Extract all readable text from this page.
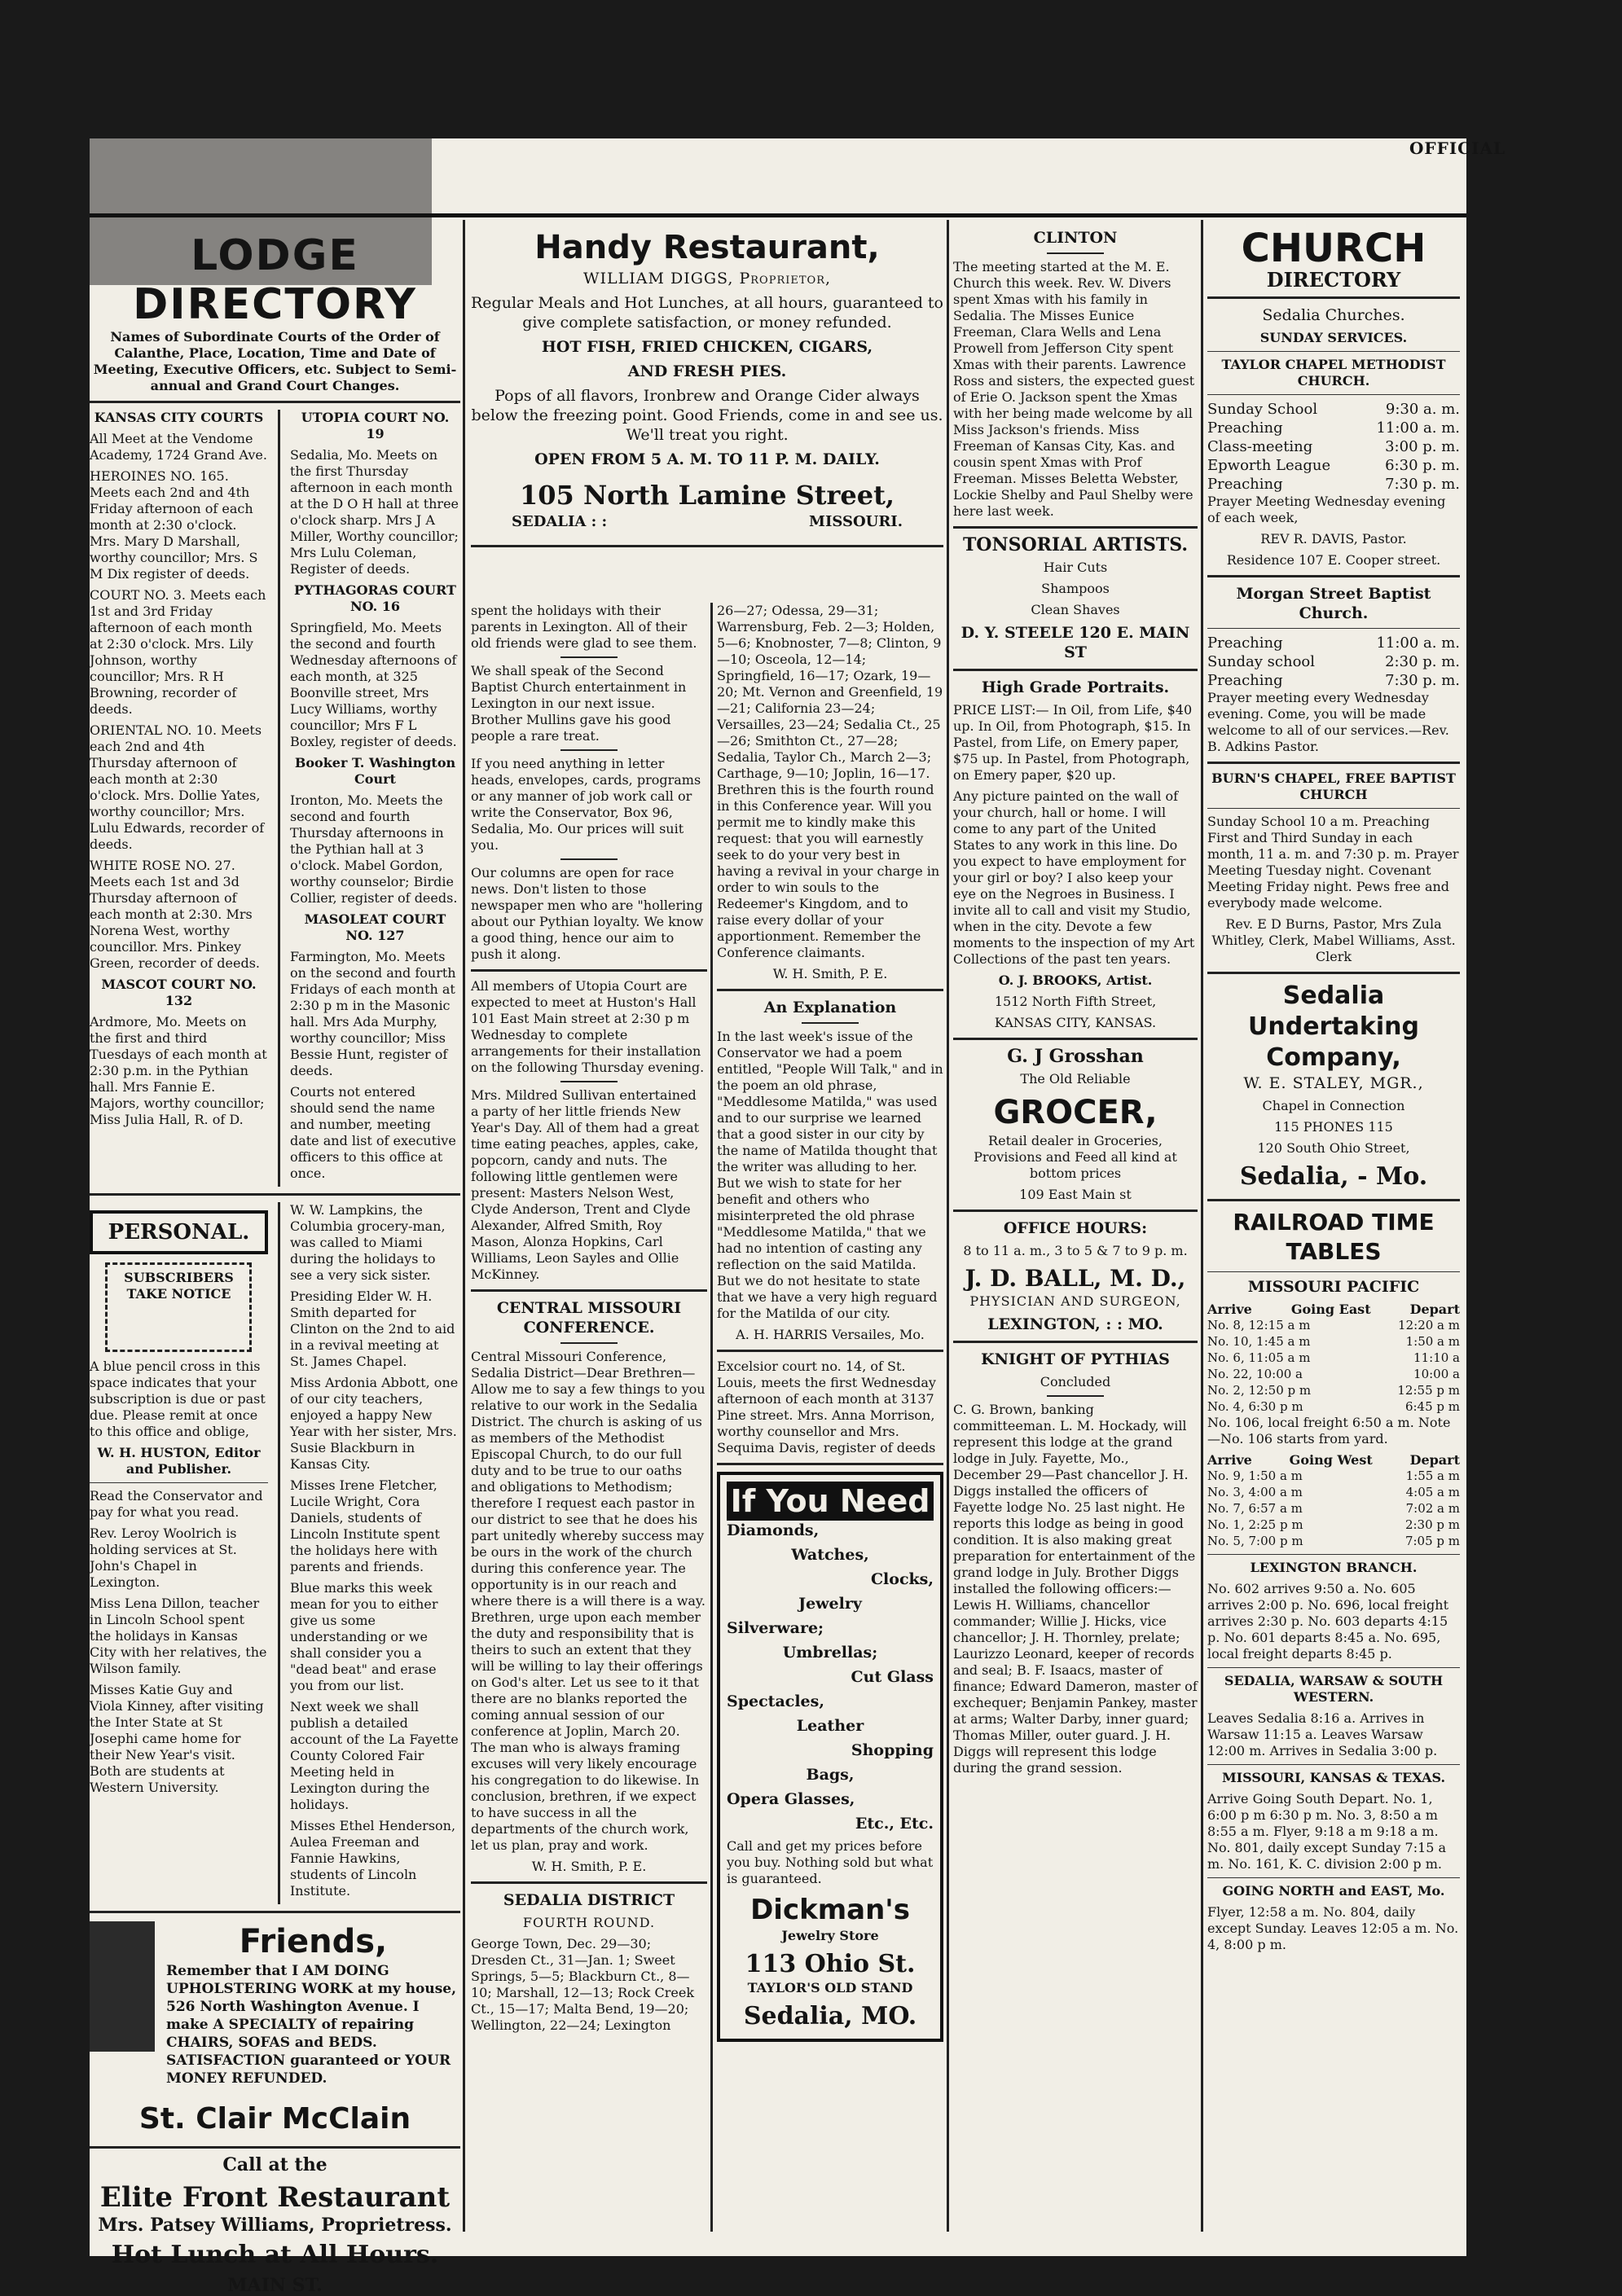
OFFICIAL
LODGE DIRECTORY

Names of Subordinate Courts of the Order of Calanthe, Place, Location, Time and Date of Meeting, Executive Officers, etc. Subject to Semi-annual and Grand Court Changes.

KANSAS CITY COURTS

All Meet at the Vendome Academy, 1724 Grand Ave.

HEROINES NO. 165. Meets each 2nd and 4th Friday afternoon of each month at 2:30 o'clock. Mrs. Mary D Marshall, worthy councillor; Mrs. S M Dix register of deeds.

COURT NO. 3. Meets each 1st and 3rd Friday afternoon of each month at 2:30 o'clock. Mrs. Lily Johnson, worthy councillor; Mrs. R H Browning, recorder of deeds.

ORIENTAL NO. 10. Meets each 2nd and 4th Thursday afternoon of each month at 2:30 o'clock. Mrs. Dollie Yates, worthy councillor; Mrs. Lulu Edwards, recorder of deeds.

WHITE ROSE NO. 27. Meets each 1st and 3d Thursday afternoon of each month at 2:30. Mrs Norena West, worthy councillor. Mrs. Pinkey Green, recorder of deeds.

MASCOT COURT NO. 132

Ardmore, Mo. Meets on the first and third Tuesdays of each month at 2:30 p.m. in the Pythian hall. Mrs Fannie E. Majors, worthy councillor; Miss Julia Hall, R. of D.

UTOPIA COURT NO. 19

Sedalia, Mo. Meets on the first Thursday afternoon in each month at the D O H hall at three o'clock sharp. Mrs J A Miller, Worthy councillor; Mrs Lulu Coleman, Register of deeds.

PYTHAGORAS COURT NO. 16

Springfield, Mo. Meets the second and fourth Wednesday afternoons of each month, at 325 Boonville street, Mrs Lucy Williams, worthy councillor; Mrs F L Boxley, register of deeds.

Booker T. Washington Court

Ironton, Mo. Meets the second and fourth Thursday afternoons in the Pythian hall at 3 o'clock. Mabel Gordon, worthy counselor; Birdie Collier, register of deeds.

MASOLEAT COURT NO. 127

Farmington, Mo. Meets on the second and fourth Fridays of each month at 2:30 p m in the Masonic hall. Mrs Ada Murphy, worthy councillor; Miss Bessie Hunt, register of deeds.

Courts not entered should send the name and number, meeting date and list of executive officers to this office at once.

PERSONAL.

SUBSCRIBERS TAKE NOTICE

A blue pencil cross in this space indicates that your subscription is due or past due. Please remit at once to this office and oblige,

W. H. HUSTON, Editor and Publisher.

Read the Conservator and pay for what you read.

Rev. Leroy Woolrich is holding services at St. John's Chapel in Lexington.

Miss Lena Dillon, teacher in Lincoln School spent the holidays in Kansas City with her relatives, the Wilson family.

Misses Katie Guy and Viola Kinney, after visiting the Inter State at St Josephi came home for their New Year's visit. Both are students at Western University.

W. W. Lampkins, the Columbia grocery-man, was called to Miami during the holidays to see a very sick sister.

Presiding Elder W. H. Smith departed for Clinton on the 2nd to aid in a revival meeting at St. James Chapel.

Miss Ardonia Abbott, one of our city teachers, enjoyed a happy New Year with her sister, Mrs. Susie Blackburn in Kansas City.

Misses Irene Fletcher, Lucile Wright, Cora Daniels, students of Lincoln Institute spent the holidays here with parents and friends.

Blue marks this week mean for you to either give us some understanding or we shall consider you a "dead beat" and erase you from our list.

Next week we shall publish a detailed account of the La Fayette County Colored Fair Meeting held in Lexington during the holidays.

Misses Ethel Henderson, Aulea Freeman and Fannie Hawkins, students of Lincoln Institute.

Friends,

Remember that I AM DOING UPHOLSTERING WORK at my house, 526 North Washington Avenue. I make A SPECIALTY of repairing CHAIRS, SOFAS and BEDS. SATISFACTION guaranteed or YOUR MONEY REFUNDED.

St. Clair McClain

Call at the

Elite Front Restaurant

Mrs. Patsey Williams, Proprietress.

Hot Lunch at All Hours.

MAIN ST.

Handy Restaurant,

WILLIAM DIGGS, Proprietor,

Regular Meals and Hot Lunches, at all hours, guaranteed to give complete satisfaction, or money refunded.

HOT FISH, FRIED CHICKEN, CIGARS,

AND FRESH PIES.

Pops of all flavors, Ironbrew and Orange Cider always below the freezing point. Good Friends, come in and see us. We'll treat you right.

OPEN FROM 5 A. M. TO 11 P. M. DAILY.

105 North Lamine Street,
SEDALIA : :	MISSOURI.

spent the holidays with their parents in Lexington. All of their old friends were glad to see them.

We shall speak of the Second Baptist Church entertainment in Lexington in our next issue. Brother Mullins gave his good people a rare treat.

If you need anything in letter heads, envelopes, cards, programs or any manner of job work call or write the Conservator, Box 96, Sedalia, Mo. Our prices will suit you.

Our columns are open for race news. Don't listen to those newspaper men who are "hollering about our Pythian loyalty. We know a good thing, hence our aim to push it along.

All members of Utopia Court are expected to meet at Huston's Hall 101 East Main street at 2:30 p m Wednesday to complete arrangements for their installation on the following Thursday evening.

Mrs. Mildred Sullivan entertained a party of her little friends New Year's Day. All of them had a great time eating peaches, apples, cake, popcorn, candy and nuts. The following little gentlemen were present: Masters Nelson West, Clyde Anderson, Trent and Clyde Alexander, Alfred Smith, Roy Mason, Alonza Hopkins, Carl Williams, Leon Sayles and Ollie McKinney.

CENTRAL MISSOURI CONFERENCE.

Central Missouri Conference, Sedalia District—Dear Brethren—Allow me to say a few things to you relative to our work in the Sedalia District. The church is asking of us as members of the Methodist Episcopal Church, to do our full duty and to be true to our oaths and obligations to Methodism; therefore I request each pastor in our district to see that he does his part unitedly whereby success may be ours in the work of the church during this conference year. The opportunity is in our reach and where there is a will there is a way. Brethren, urge upon each member the duty and responsibility that is theirs to such an extent that they will be willing to lay their offerings on God's alter. Let us see to it that there are no blanks reported the coming annual session of our conference at Joplin, March 20. The man who is always framing excuses will very likely encourage his congregation to do likewise. In conclusion, brethren, if we expect to have success in all the departments of the church work, let us plan, pray and work.

W. H. Smith, P. E.

SEDALIA DISTRICT

FOURTH ROUND.

George Town, Dec. 29—30; Dresden Ct., 31—Jan. 1; Sweet Springs, 5—5; Blackburn Ct., 8—10; Marshall, 12—13; Rock Creek Ct., 15—17; Malta Bend, 19—20; Wellington, 22—24; Lexington

26—27; Odessa, 29—31; Warrensburg, Feb. 2—3; Holden, 5—6; Knobnoster, 7—8; Clinton, 9—10; Osceola, 12—14; Springfield, 16—17; Ozark, 19—20; Mt. Vernon and Greenfield, 19—21; California 23—24; Versailles, 23—24; Sedalia Ct., 25—26; Smithton Ct., 27—28; Sedalia, Taylor Ch., March 2—3; Carthage, 9—10; Joplin, 16—17. Brethren this is the fourth round in this Conference year. Will you permit me to kindly make this request: that you will earnestly seek to do your very best in having a revival in your charge in order to win souls to the Redeemer's Kingdom, and to raise every dollar of your apportionment. Remember the Conference claimants.

W. H. Smith, P. E.

An Explanation

In the last week's issue of the Conservator we had a poem entitled, "People Will Talk," and in the poem an old phrase, "Meddlesome Matilda," was used and to our surprise we learned that a good sister in our city by the name of Matilda thought that the writer was alluding to her. But we wish to state for her benefit and others who misinterpreted the old phrase "Meddlesome Matilda," that we had no intention of casting any reflection on the said Matilda. But we do not hesitate to state that we have a very high reguard for the Matilda of our city.

A. H. HARRIS Versailes, Mo.

Excelsior court no. 14, of St. Louis, meets the first Wednesday afternoon of each month at 3137 Pine street. Mrs. Anna Morrison, worthy counsellor and Mrs. Sequima Davis, register of deeds

If You Need

Diamonds,

Watches,

Clocks,

Jewelry

Silverware;

Umbrellas;

Cut Glass

Spectacles,

Leather

Shopping

Bags,

Opera Glasses,

Etc., Etc.

Call and get my prices before you buy. Nothing sold but what is guaranteed.

Dickman's

Jewelry Store

113 Ohio St.

TAYLOR'S OLD STAND

Sedalia, MO.

CLINTON

The meeting started at the M. E. Church this week. Rev. W. Divers spent Xmas with his family in Sedalia. The Misses Eunice Freeman, Clara Wells and Lena Prowell from Jefferson City spent Xmas with their parents. Lawrence Ross and sisters, the expected guest of Erie O. Jackson spent the Xmas with her being made welcome by all Miss Jackson's friends. Miss Freeman of Kansas City, Kas. and cousin spent Xmas with Prof Freeman. Misses Beletta Webster, Lockie Shelby and Paul Shelby were here last week.

TONSORIAL ARTISTS.

Hair Cuts

Shampoos

Clean Shaves

D. Y. STEELE 120 E. MAIN ST

High Grade Portraits.

PRICE LIST:— In Oil, from Life, $40 up. In Oil, from Photograph, $15. In Pastel, from Life, on Emery paper, $75 up. In Pastel, from Photograph, on Emery paper, $20 up.

Any picture painted on the wall of your church, hall or home. I will come to any part of the United States to any work in this line. Do you expect to have employment for your girl or boy? I also keep your eye on the Negroes in Business. I invite all to call and visit my Studio, when in the city. Devote a few moments to the inspection of my Art Collections of the past ten years.

O. J. BROOKS, Artist.

1512 North Fifth Street,

KANSAS CITY, KANSAS.

G. J Grosshan

The Old Reliable

GROCER,

Retail dealer in Groceries, Provisions and Feed all kind at bottom prices

109 East Main st

OFFICE HOURS:

8 to 11 a. m., 3 to 5 & 7 to 9 p. m.

J. D. BALL, M. D.,

PHYSICIAN AND SURGEON,

LEXINGTON, : : MO.

KNIGHT OF PYTHIAS

Concluded

C. G. Brown, banking committeeman. L. M. Hockady, will represent this lodge at the grand lodge in July. Fayette, Mo., December 29—Past chancellor J. H. Diggs installed the officers of Fayette lodge No. 25 last night. He reports this lodge as being in good condition. It is also making great preparation for entertainment of the grand lodge in July. Brother Diggs installed the following officers:— Lewis H. Williams, chancellor commander; Willie J. Hicks, vice chancellor; J. H. Thornley, prelate; Laurizzo Leonard, keeper of records and seal; B. F. Isaacs, master of finance; Edward Dameron, master of exchequer; Benjamin Pankey, master at arms; Walter Darby, inner guard; Thomas Miller, outer guard. J. H. Diggs will represent this lodge during the grand session.

CHURCH

DIRECTORY

Sedalia Churches.

SUNDAY SERVICES.

TAYLOR CHAPEL METHODIST CHURCH.

Sunday School	9:30 a. m.
Preaching	11:00 a. m.
Class-meeting	3:00 p. m.
Epworth League	6:30 p. m.
Preaching	7:30 p. m.

Prayer Meeting Wednesday evening of each week,

REV R. DAVIS, Pastor.

Residence 107 E. Cooper street.

Morgan Street Baptist Church.

Preaching	11:00 a. m.
Sunday school	2:30 p. m.
Preaching	7:30 p. m.

Prayer meeting every Wednesday evening. Come, you will be made welcome to all of our services.—Rev. B. Adkins Pastor.

BURN'S CHAPEL, FREE BAPTIST CHURCH

Sunday School 10 a m. Preaching First and Third Sunday in each month, 11 a. m. and 7:30 p. m. Prayer Meeting Tuesday night. Covenant Meeting Friday night. Pews free and everybody made welcome.

Rev. E D Burns, Pastor, Mrs Zula Whitley, Clerk, Mabel Williams, Asst. Clerk

Sedalia Undertaking Company,

W. E. STALEY, MGR.,

Chapel in Connection

115 PHONES 115

120 South Ohio Street,

Sedalia, - Mo.
RAILROAD TIME TABLES

MISSOURI PACIFIC

Arrive	Going East	Depart
No. 8, 12:15 a m	12:20 a m
No. 10, 1:45 a m	1:50 a m
No. 6, 11:05 a m	11:10 a
No. 22, 10:00 a	10:00 a
No. 2, 12:50 p m	12:55 p m
No. 4, 6:30 p m	6:45 p m

No. 106, local freight 6:50 a m. Note—No. 106 starts from yard.

Arrive	Going West	Depart
No. 9, 1:50 a m	1:55 a m
No. 3, 4:00 a m	4:05 a m
No. 7, 6:57 a m	7:02 a m
No. 1, 2:25 p m	2:30 p m
No. 5, 7:00 p m	7:05 p m

LEXINGTON BRANCH.

No. 602 arrives 9:50 a. No. 605 arrives 2:00 p. No. 696, local freight arrives 2:30 p. No. 603 departs 4:15 p. No. 601 departs 8:45 a. No. 695, local freight departs 8:45 p.

SEDALIA, WARSAW & SOUTH WESTERN.

Leaves Sedalia 8:16 a. Arrives in Warsaw 11:15 a. Leaves Warsaw 12:00 m. Arrives in Sedalia 3:00 p.

MISSOURI, KANSAS & TEXAS.

Arrive Going South Depart. No. 1, 6:00 p m 6:30 p m. No. 3, 8:50 a m 8:55 a m. Flyer, 9:18 a m 9:18 a m. No. 801, daily except Sunday 7:15 a m. No. 161, K. C. division 2:00 p m.

GOING NORTH and EAST, Mo.

Flyer, 12:58 a m. No. 804, daily except Sunday. Leaves 12:05 a m. No. 4, 8:00 p m.
